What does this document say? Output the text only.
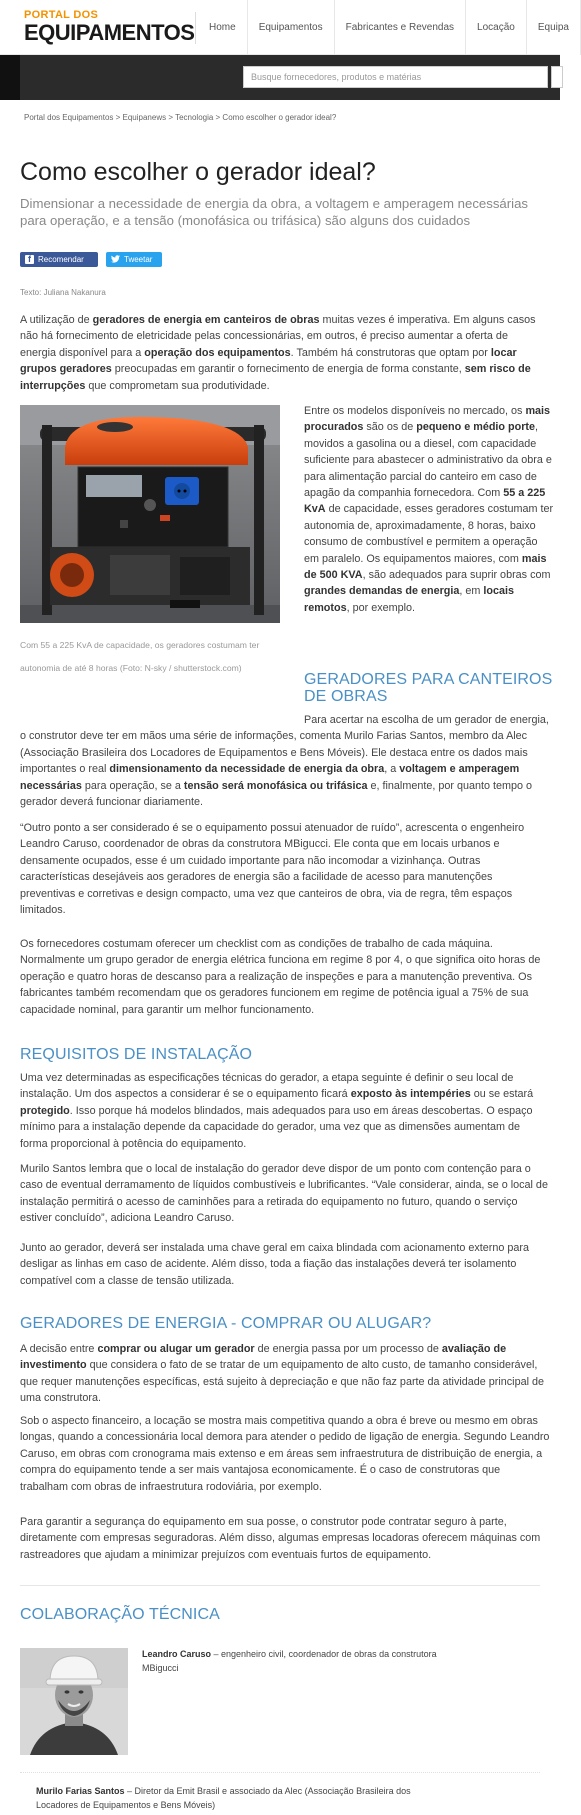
PORTAL DOS
EQUIPAMENTOS	Home	Equipamentos	Fabricantes e Revendas	Locação	Equipa
Busque fornecedores, produtos e matérias
Portal dos Equipamentos > Equipanews > Tecnologia > Como escolher o gerador ideal?
Como escolher o gerador ideal?
Dimensionar a necessidade de energia da obra, a voltagem e amperagem necessárias para operação, e a tensão (monofásica ou trifásica) são alguns dos cuidados
f Recomendar	Tweetar
Texto: Juliana Nakanura
A utilização de geradores de energia em canteiros de obras muitas vezes é imperativa. Em alguns casos não há fornecimento de eletricidade pelas concessionárias, em outros, é preciso aumentar a oferta de energia disponível para a operação dos equipamentos. Também há construtoras que optam por locar grupos geradores preocupadas em garantir o fornecimento de energia de forma constante, sem risco de interrupções que comprometam sua produtividade.
Com 55 a 225 KvA de capacidade, os geradores costumam ter autonomia de até 8 horas (Foto: N-sky / shutterstock.com)
Entre os modelos disponíveis no mercado, os mais procurados são os de pequeno e médio porte, movidos a gasolina ou a diesel, com capacidade suficiente para abastecer o administrativo da obra e para alimentação parcial do canteiro em caso de apagão da companhia fornecedora. Com 55 a 225 KvA de capacidade, esses geradores costumam ter autonomia de, aproximadamente, 8 horas, baixo consumo de combustível e permitem a operação em paralelo. Os equipamentos maiores, com mais de 500 KVA, são adequados para suprir obras com grandes demandas de energia, em locais remotos, por exemplo.
GERADORES PARA CANTEIROS DE OBRAS
Para acertar na escolha de um gerador de energia, o construtor deve ter em mãos uma série de informações, comenta Murilo Farias Santos, membro da Alec (Associação Brasileira dos Locadores de Equipamentos e Bens Móveis). Ele destaca entre os dados mais importantes o real dimensionamento da necessidade de energia da obra, a voltagem e amperagem necessárias para operação, se a tensão será monofásica ou trifásica e, finalmente, por quanto tempo o gerador deverá funcionar diariamente.
“Outro ponto a ser considerado é se o equipamento possui atenuador de ruído”, acrescenta o engenheiro Leandro Caruso, coordenador de obras da construtora MBigucci. Ele conta que em locais urbanos e densamente ocupados, esse é um cuidado importante para não incomodar a vizinhança. Outras características desejáveis aos geradores de energia são a facilidade de acesso para manutenções preventivas e corretivas e design compacto, uma vez que canteiros de obra, via de regra, têm espaços limitados.
Os fornecedores costumam oferecer um checklist com as condições de trabalho de cada máquina. Normalmente um grupo gerador de energia elétrica funciona em regime 8 por 4, o que significa oito horas de operação e quatro horas de descanso para a realização de inspeções e para a manutenção preventiva. Os fabricantes também recomendam que os geradores funcionem em regime de potência igual a 75% de sua capacidade nominal, para garantir um melhor funcionamento.
REQUISITOS DE INSTALAÇÃO
Uma vez determinadas as especificações técnicas do gerador, a etapa seguinte é definir o seu local de instalação. Um dos aspectos a considerar é se o equipamento ficará exposto às intempéries ou se estará protegido. Isso porque há modelos blindados, mais adequados para uso em áreas descobertas. O espaço mínimo para a instalação depende da capacidade do gerador, uma vez que as dimensões aumentam de forma proporcional à potência do equipamento.
Murilo Santos lembra que o local de instalação do gerador deve dispor de um ponto com contenção para o caso de eventual derramamento de líquidos combustíveis e lubrificantes. “Vale considerar, ainda, se o local de instalação permitirá o acesso de caminhões para a retirada do equipamento no futuro, quando o serviço estiver concluído”, adiciona Leandro Caruso.
Junto ao gerador, deverá ser instalada uma chave geral em caixa blindada com acionamento externo para desligar as linhas em caso de acidente. Além disso, toda a fiação das instalações deverá ter isolamento compatível com a classe de tensão utilizada.
GERADORES DE ENERGIA - COMPRAR OU ALUGAR?
A decisão entre comprar ou alugar um gerador de energia passa por um processo de avaliação de investimento que considera o fato de se tratar de um equipamento de alto custo, de tamanho considerável, que requer manutenções específicas, está sujeito à depreciação e que não faz parte da atividade principal de uma construtora.
Sob o aspecto financeiro, a locação se mostra mais competitiva quando a obra é breve ou mesmo em obras longas, quando a concessionária local demora para atender o pedido de ligação de energia. Segundo Leandro Caruso, em obras com cronograma mais extenso e em áreas sem infraestrutura de distribuição de energia, a compra do equipamento tende a ser mais vantajosa economicamente. É o caso de construtoras que trabalham com obras de infraestrutura rodoviária, por exemplo.
Para garantir a segurança do equipamento em sua posse, o construtor pode contratar seguro à parte, diretamente com empresas seguradoras. Além disso, algumas empresas locadoras oferecem máquinas com rastreadores que ajudam a minimizar prejuízos com eventuais furtos de equipamento.
COLABORAÇÃO TÉCNICA
Leandro Caruso – engenheiro civil, coordenador de obras da construtora MBigucci
Murilo Farias Santos – Diretor da Emit Brasil e associado da Alec (Associação Brasileira dos Locadores de Equipamentos e Bens Móveis)
